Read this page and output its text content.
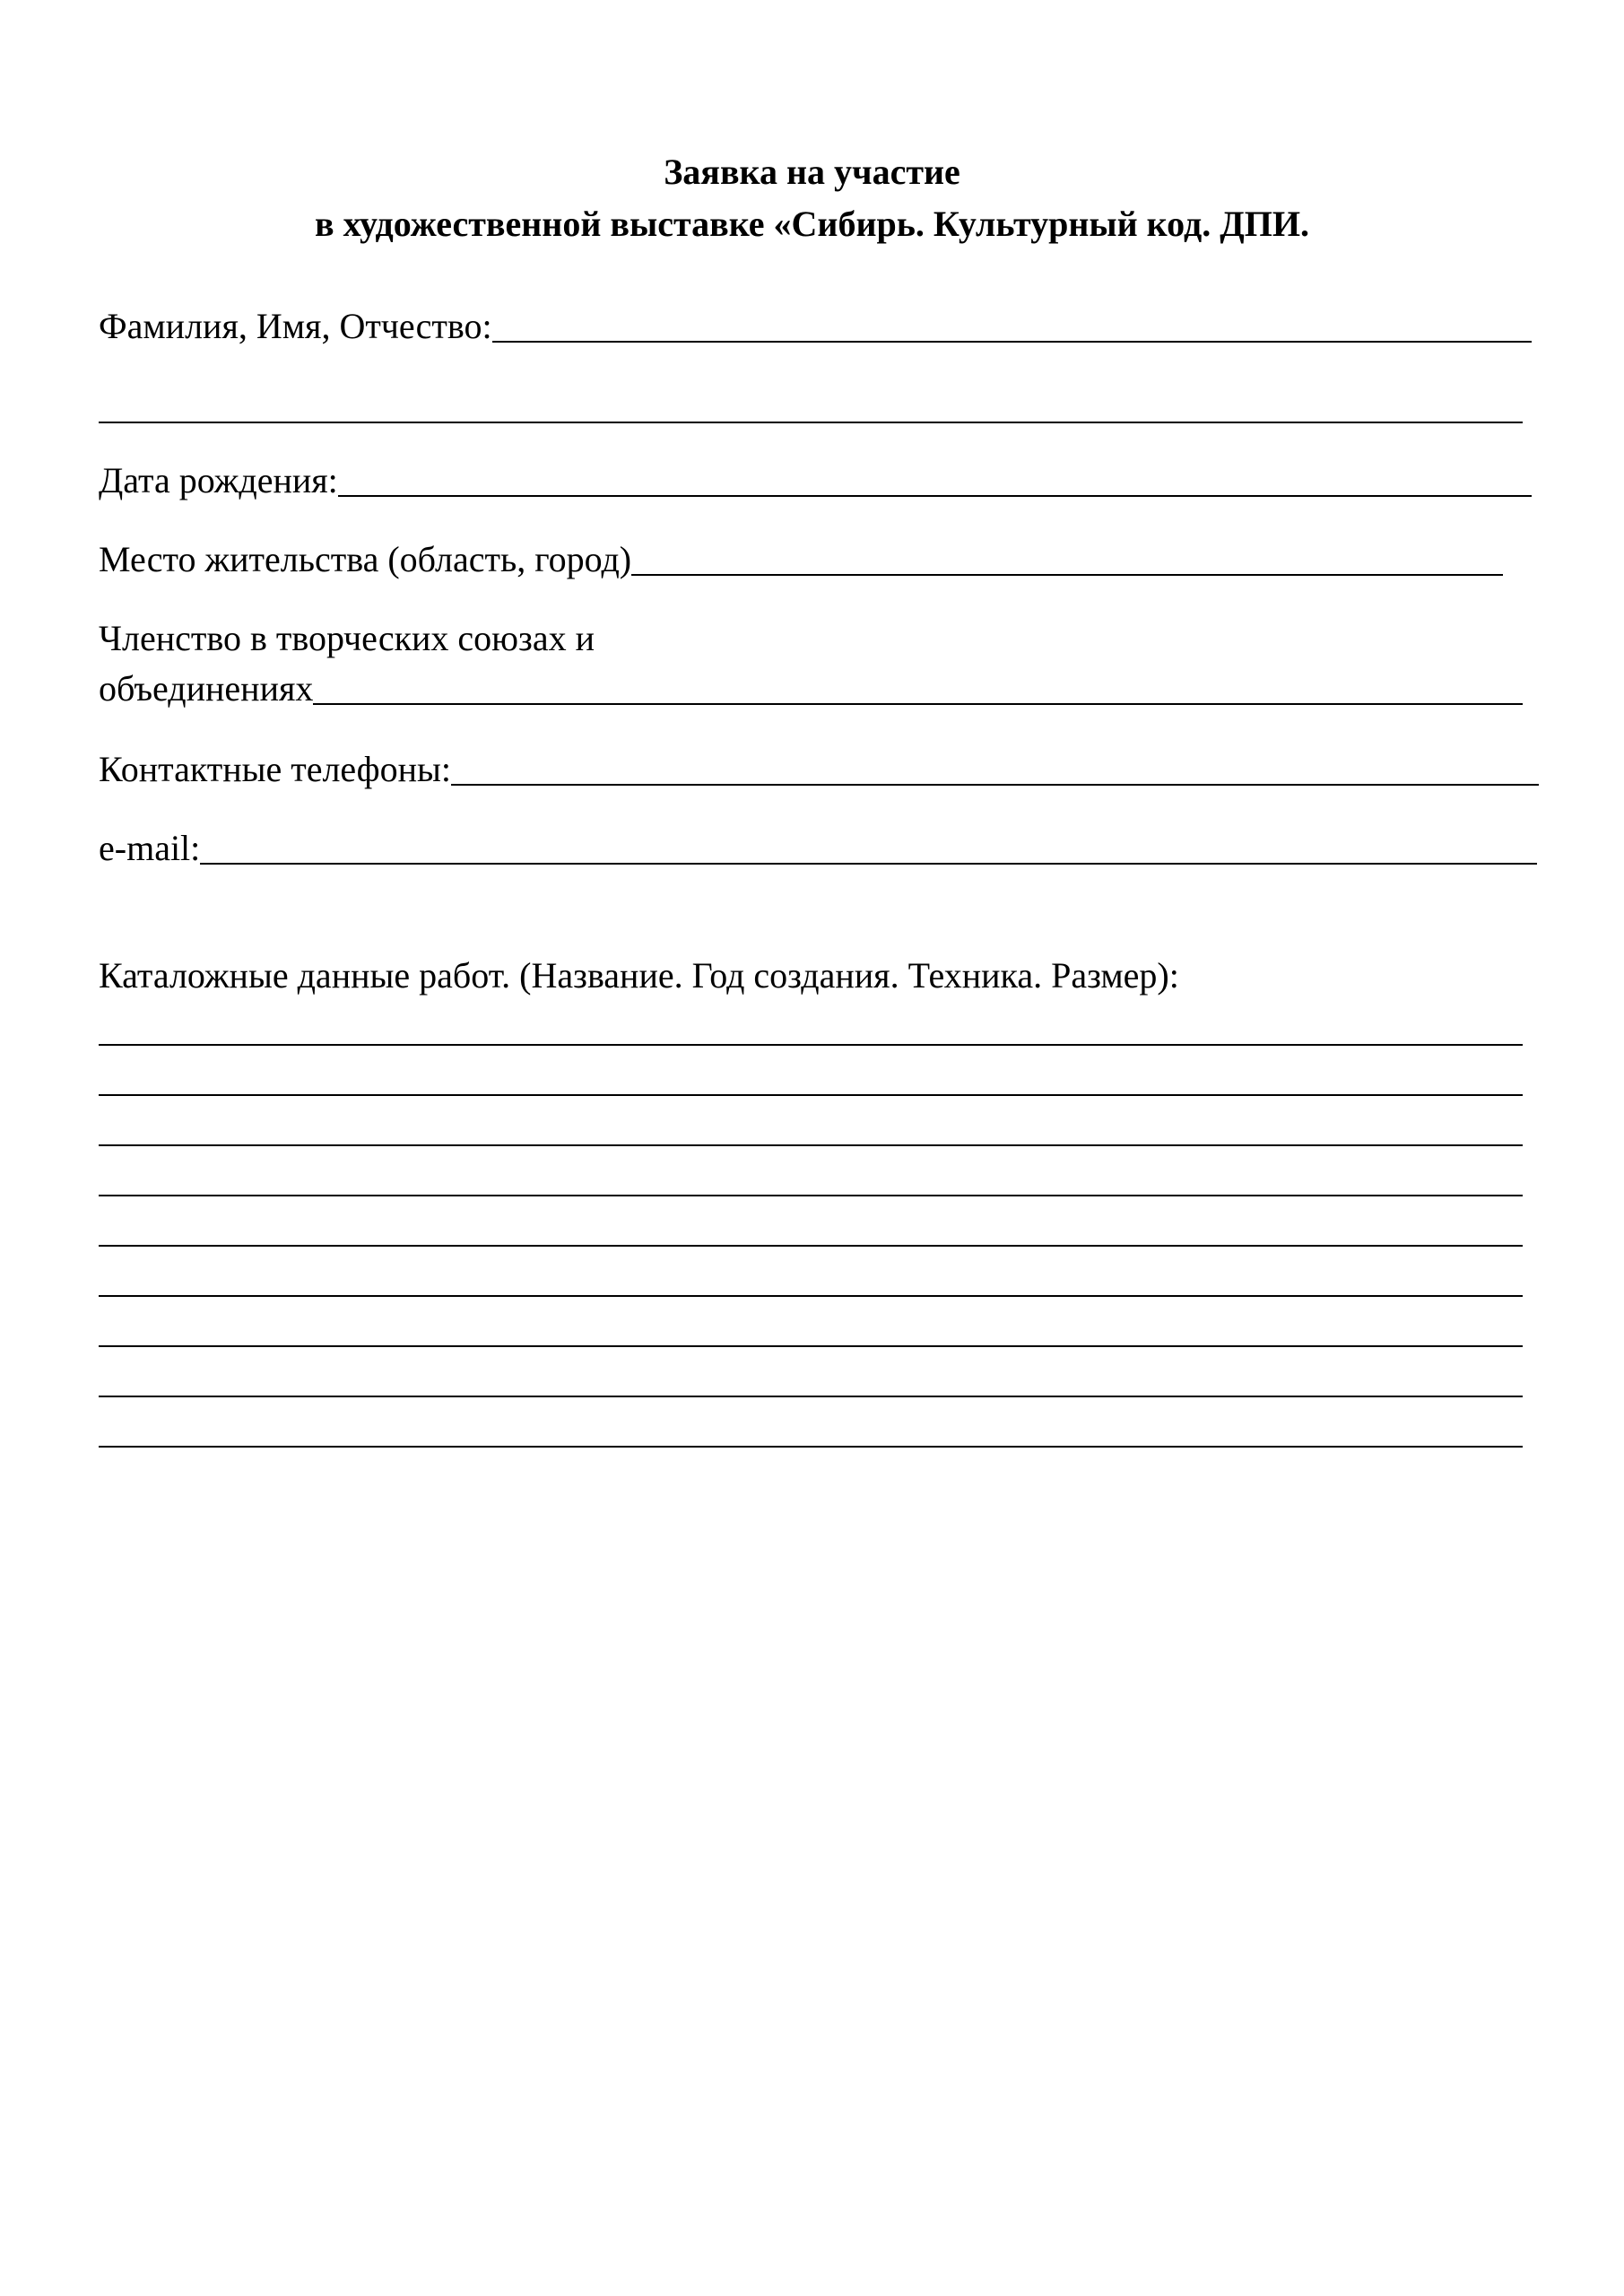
Заявка на участие
в художественной выставке «Сибирь. Культурный код. ДПИ.
Фамилия, Имя, Отчество:
Дата рождения:
Место жительства (область, город)
Членство в творческих союзах и
объединениях
Контактные телефоны:
e-mail:
Каталожные данные работ. (Название. Год создания. Техника. Размер):
